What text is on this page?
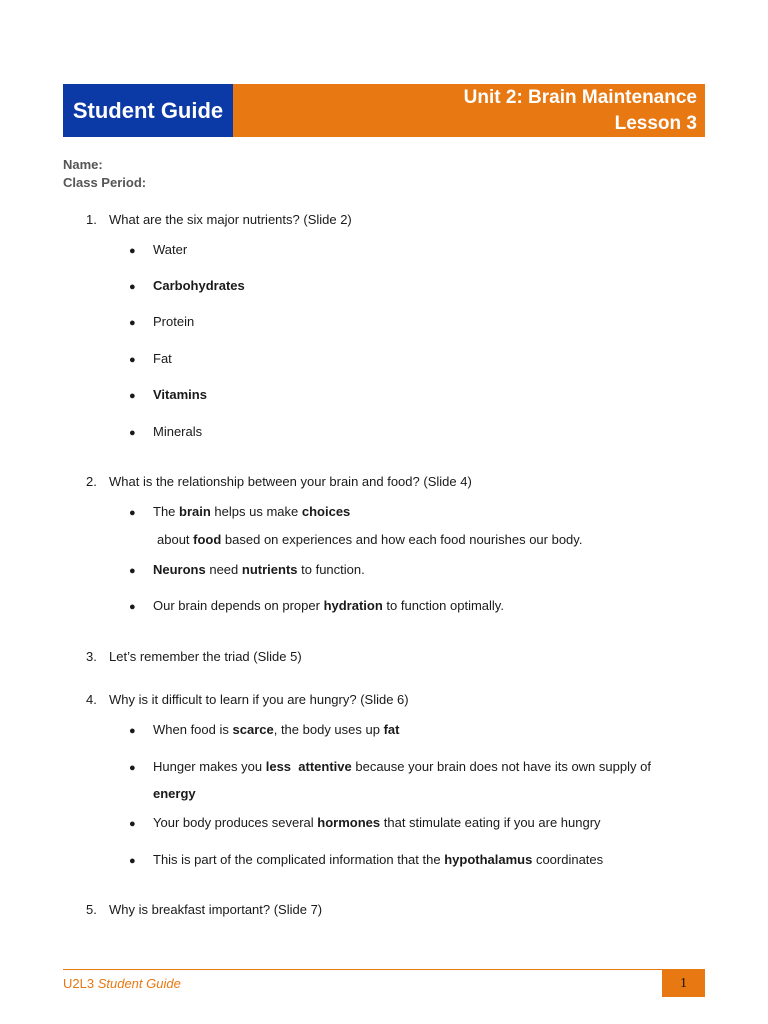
Student Guide	Unit 2: Brain Maintenance
Lesson 3
Name:
Class Period:
1. What are the six major nutrients? (Slide 2)
● Water
● Carbohydrates
● Protein
● Fat
● Vitamins
● Minerals
2. What is the relationship between your brain and food? (Slide 4)
● The brain helps us make choices
about food based on experiences and how each food nourishes our body.
● Neurons need nutrients to function.
● Our brain depends on proper hydration to function optimally.
3. Let’s remember the triad (Slide 5)
4. Why is it difficult to learn if you are hungry? (Slide 6)
● When food is scarce, the body uses up fat
● Hunger makes you less attentive because your brain does not have its own supply of
energy
● Your body produces several hormones that stimulate eating if you are hungry
● This is part of the complicated information that the hypothalamus coordinates
5. Why is breakfast important? (Slide 7)
U2L3 Student Guide	1
